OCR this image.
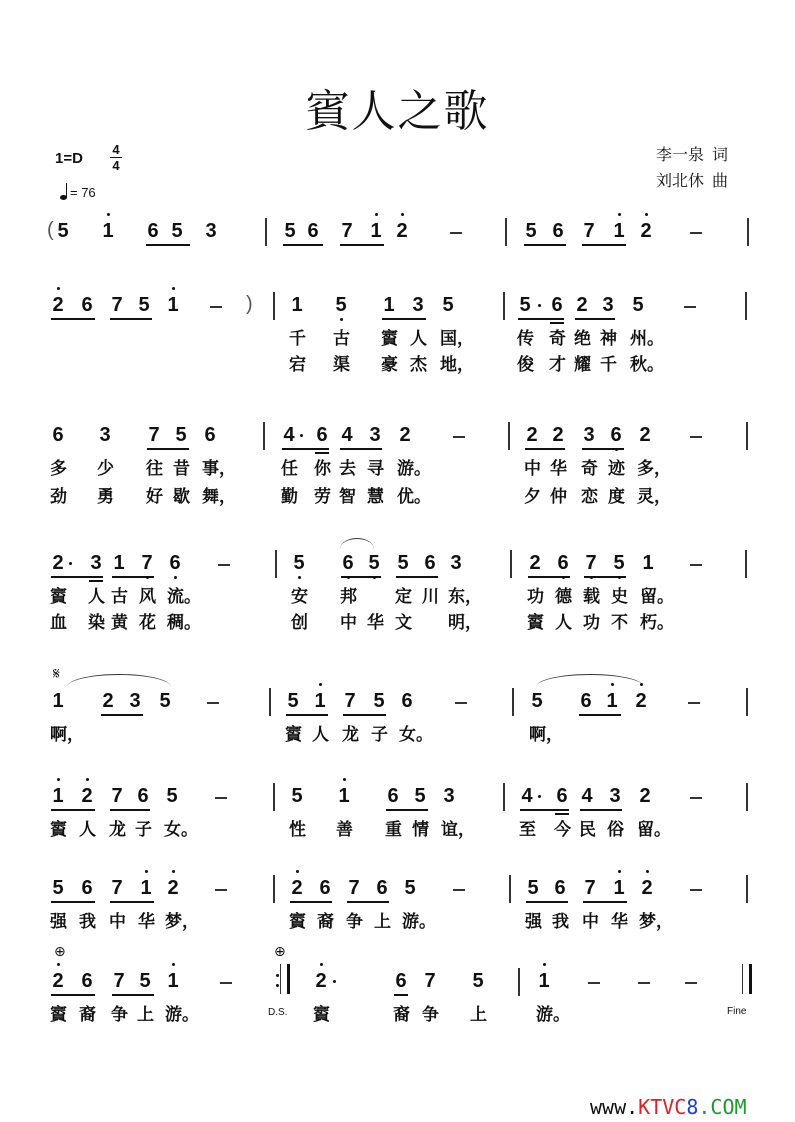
賓人之歌
1=D
4
4
= 76
李一泉 词
刘北休 曲
( 5 1 6 5 3	5 6 7 1 2	5 6 7 1 2
2 6 7 5 1	) 1 5 1 3 5	5 6 2 3 5
千 古 賨 人 国，	传 奇 绝 神 州。
宕 渠 豪 杰 地，	俊 才 耀 千 秋。
6 3 7 5 6	4 6 4 3 2	2 2 3 6 2
多 少 往 昔 事，	任 你 去 寻 游。	中 华 奇 迹 多，
劲 勇 好 歇 舞，	勤 劳 智 慧 优。	夕 仲 恋 度 灵，
2 3 1 7 6	5 6 5 5 6 3	2 6 7 5 1
賨 人 古 风 流。	安 邦 定 川 东，	功 德 载 史 留。
血 染 黄 花 稠。	创 中 华 文 明，	賨 人 功 不 朽。
𝄋
1 2 3 5	5 1 7 5 6	5 6 1 2
啊，	賨 人 龙 子 女。	啊，
1 2 7 6 5	5 1 6 5 3	4 6 4 3 2
賨 人 龙 子 女。	性 善 重 情 谊，	至 今 民 俗 留。
5 6 7 1 2	2 6 7 6 5	5 6 7 1 2
强 我 中 华 梦，	賨 裔 争 上 游。	强 我 中 华 梦，
⊕
2 6 7 5 1
⊕
2	6 7 5	1
賨 裔 争 上 游。	D.S. 賨	裔 争 上	游。	Fine
www.KTVC8.COM
